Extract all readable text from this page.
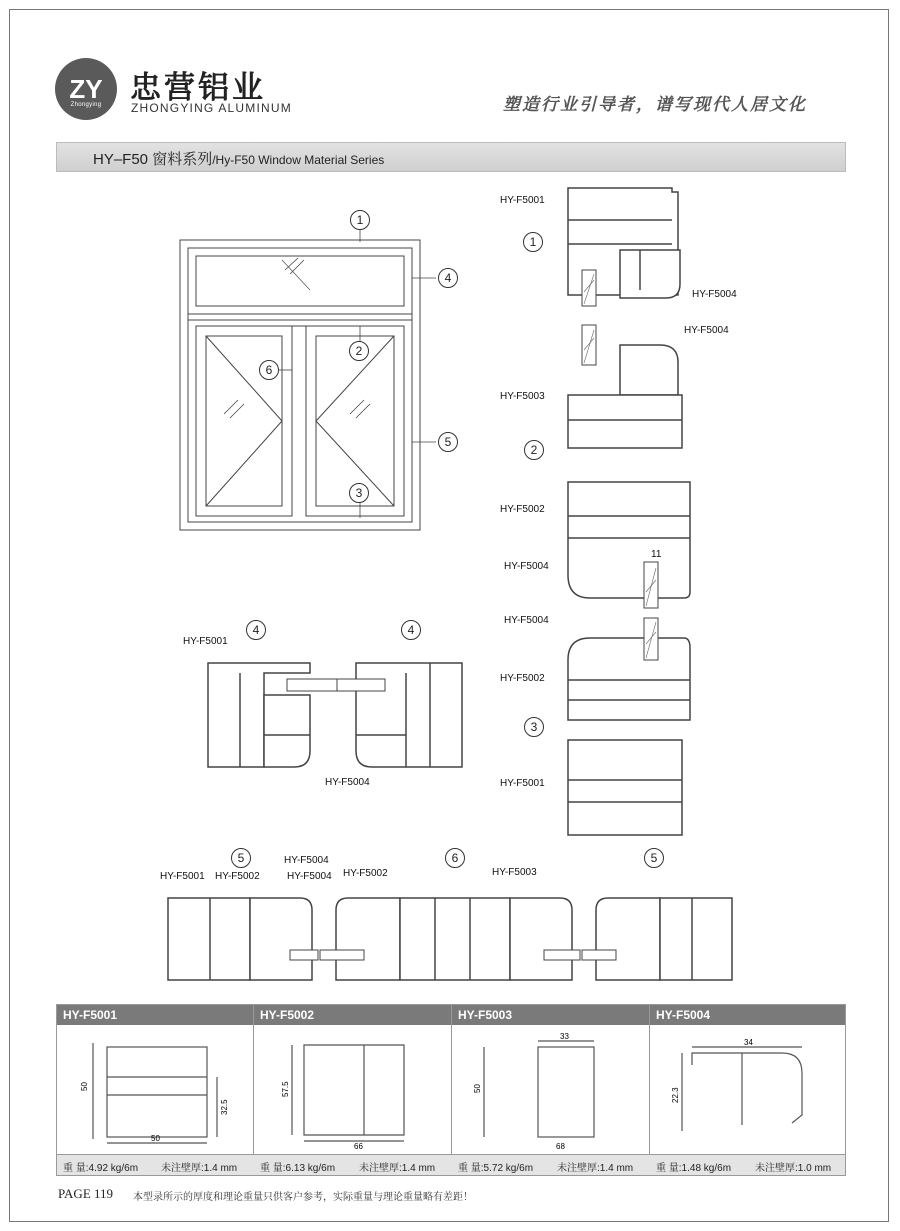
ZY
Zhongying 忠营铝业
ZHONGYING ALUMINUM	塑造行业引导者，谱写现代人居文化
HY–F50 窗料系列/Hy-F50 Window Material Series
1
4
2
6
5
3
1
2
3
HY-F5001
HY-F5004
HY-F5004
HY-F5003
HY-F5002
11
HY-F5004
HY-F5004
HY-F5002
HY-F5001
4	4
HY-F5001
HY-F5004
5	6	5
HY-F5004
HY-F5001 HY-F5002	HY-F5004 HY-F5002	HY-F5003
HY-F5001
50
32.5
50
HY-F5002
57.5
66
HY-F5003
33
50
68
HY-F5004
34
22.3
重 量:4.92 kg/6m 未注壁厚:1.4 mm 重 量:6.13 kg/6m 未注壁厚:1.4 mm 重 量:5.72 kg/6m 未注壁厚:1.4 mm 重 量:1.48 kg/6m 未注壁厚:1.0 mm
PAGE 119 本型录所示的厚度和理论重量只供客户参考，实际重量与理论重量略有差距！
